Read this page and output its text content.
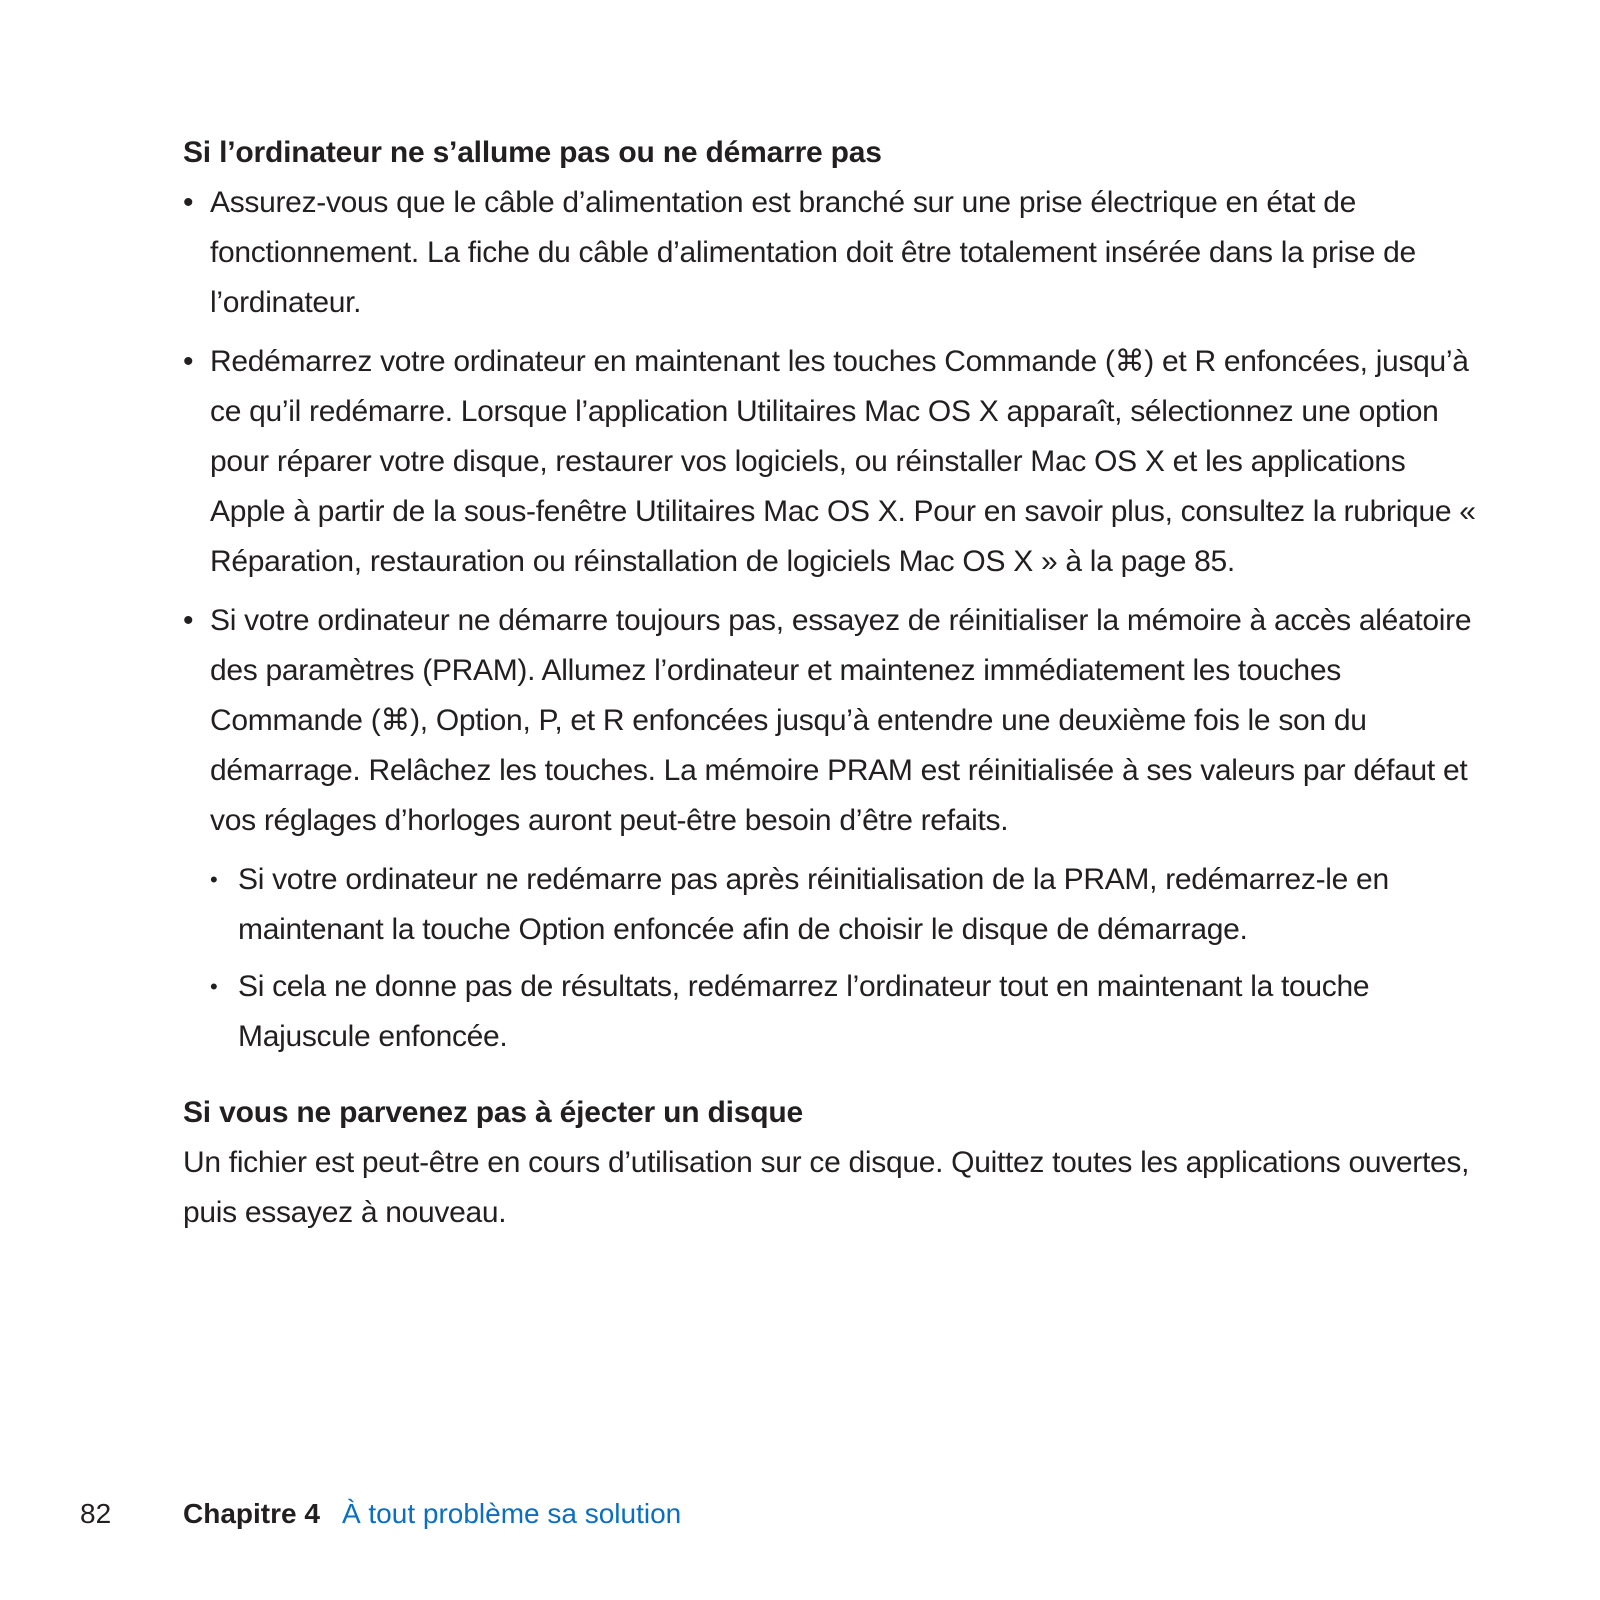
Si l’ordinateur ne s’allume pas ou ne démarre pas
• Assurez-vous que le câble d’alimentation est branché sur une prise électrique en état de fonctionnement. La fiche du câble d’alimentation doit être totalement insérée dans la prise de l’ordinateur.
• Redémarrez votre ordinateur en maintenant les touches Commande (⌘) et R enfoncées, jusqu’à ce qu’il redémarre. Lorsque l’application Utilitaires Mac OS X apparaît, sélectionnez une option pour réparer votre disque, restaurer vos logiciels, ou réinstaller Mac OS X et les applications Apple à partir de la sous-fenêtre Utilitaires Mac OS X. Pour en savoir plus, consultez la rubrique « Réparation, restauration ou réinstallation de logiciels Mac OS X » à la page 85.
• Si votre ordinateur ne démarre toujours pas, essayez de réinitialiser la mémoire à accès aléatoire des paramètres (PRAM). Allumez l’ordinateur et maintenez immédiatement les touches Commande (⌘), Option, P, et R enfoncées jusqu’à entendre une deuxième fois le son du démarrage. Relâchez les touches. La mémoire PRAM est réinitialisée à ses valeurs par défaut et vos réglages d’horloges auront peut-être besoin d’être refaits.
• Si votre ordinateur ne redémarre pas après réinitialisation de la PRAM, redémarrez-le en maintenant la touche Option enfoncée afin de choisir le disque de démarrage.
• Si cela ne donne pas de résultats, redémarrez l’ordinateur tout en maintenant la touche Majuscule enfoncée.
Si vous ne parvenez pas à éjecter un disque

Un fichier est peut-être en cours d’utilisation sur ce disque. Quittez toutes les applications ouvertes, puis essayez à nouveau.

82	Chapitre 4 À tout problème sa solution
